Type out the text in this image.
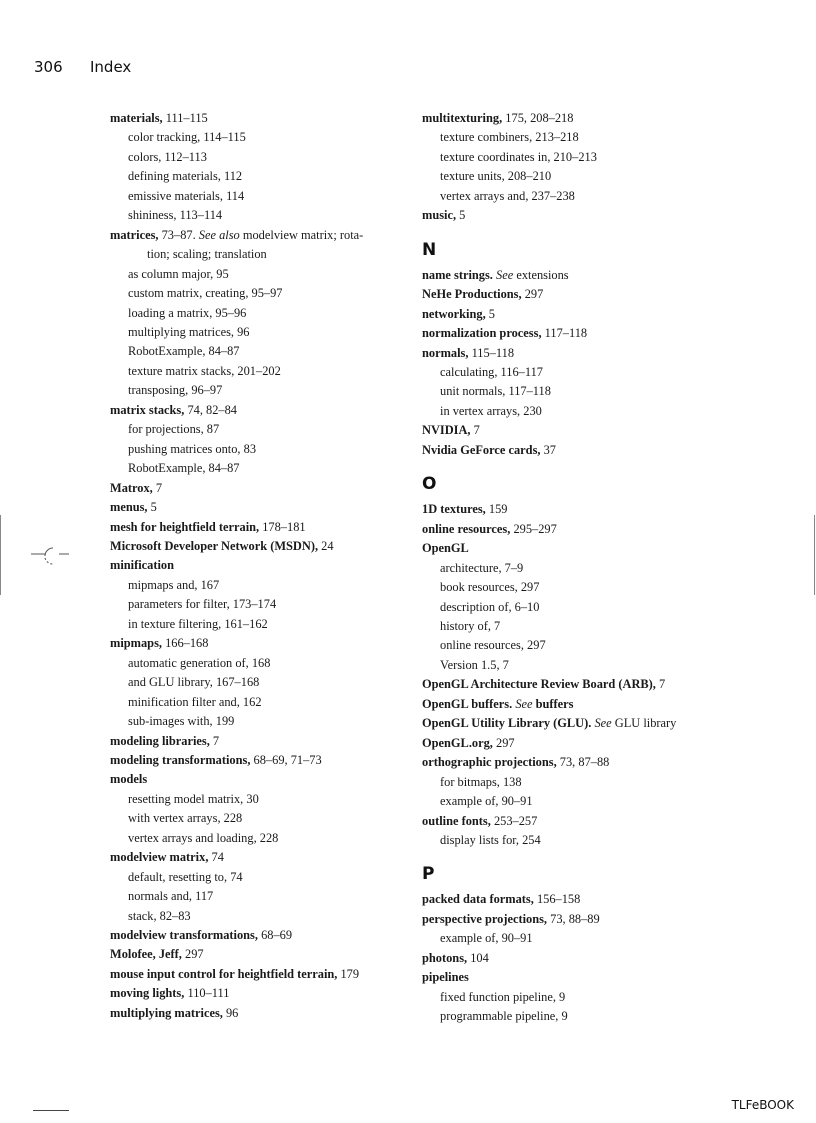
306 Index
materials, 111–115
color tracking, 114–115
colors, 112–113
defining materials, 112
emissive materials, 114
shininess, 113–114
matrices, 73–87. See also modelview matrix; rota-
tion; scaling; translation
as column major, 95
custom matrix, creating, 95–97
loading a matrix, 95–96
multiplying matrices, 96
RobotExample, 84–87
texture matrix stacks, 201–202
transposing, 96–97
matrix stacks, 74, 82–84
for projections, 87
pushing matrices onto, 83
RobotExample, 84–87
Matrox, 7
menus, 5
mesh for heightfield terrain, 178–181
Microsoft Developer Network (MSDN), 24
minification
mipmaps and, 167
parameters for filter, 173–174
in texture filtering, 161–162
mipmaps, 166–168
automatic generation of, 168
and GLU library, 167–168
minification filter and, 162
sub-images with, 199
modeling libraries, 7
modeling transformations, 68–69, 71–73
models
resetting model matrix, 30
with vertex arrays, 228
vertex arrays and loading, 228
modelview matrix, 74
default, resetting to, 74
normals and, 117
stack, 82–83
modelview transformations, 68–69
Molofee, Jeff, 297
mouse input control for heightfield terrain, 179
moving lights, 110–111
multiplying matrices, 96
multitexturing, 175, 208–218
texture combiners, 213–218
texture coordinates in, 210–213
texture units, 208–210
vertex arrays and, 237–238
music, 5
N
name strings. See extensions
NeHe Productions, 297
networking, 5
normalization process, 117–118
normals, 115–118
calculating, 116–117
unit normals, 117–118
in vertex arrays, 230
NVIDIA, 7
Nvidia GeForce cards, 37
O
1D textures, 159
online resources, 295–297
OpenGL
architecture, 7–9
book resources, 297
description of, 6–10
history of, 7
online resources, 297
Version 1.5, 7
OpenGL Architecture Review Board (ARB), 7
OpenGL buffers. See buffers
OpenGL Utility Library (GLU). See GLU library
OpenGL.org, 297
orthographic projections, 73, 87–88
for bitmaps, 138
example of, 90–91
outline fonts, 253–257
display lists for, 254
P
packed data formats, 156–158
perspective projections, 73, 88–89
example of, 90–91
photons, 104
pipelines
fixed function pipeline, 9
programmable pipeline, 9
TLFeBOOK
